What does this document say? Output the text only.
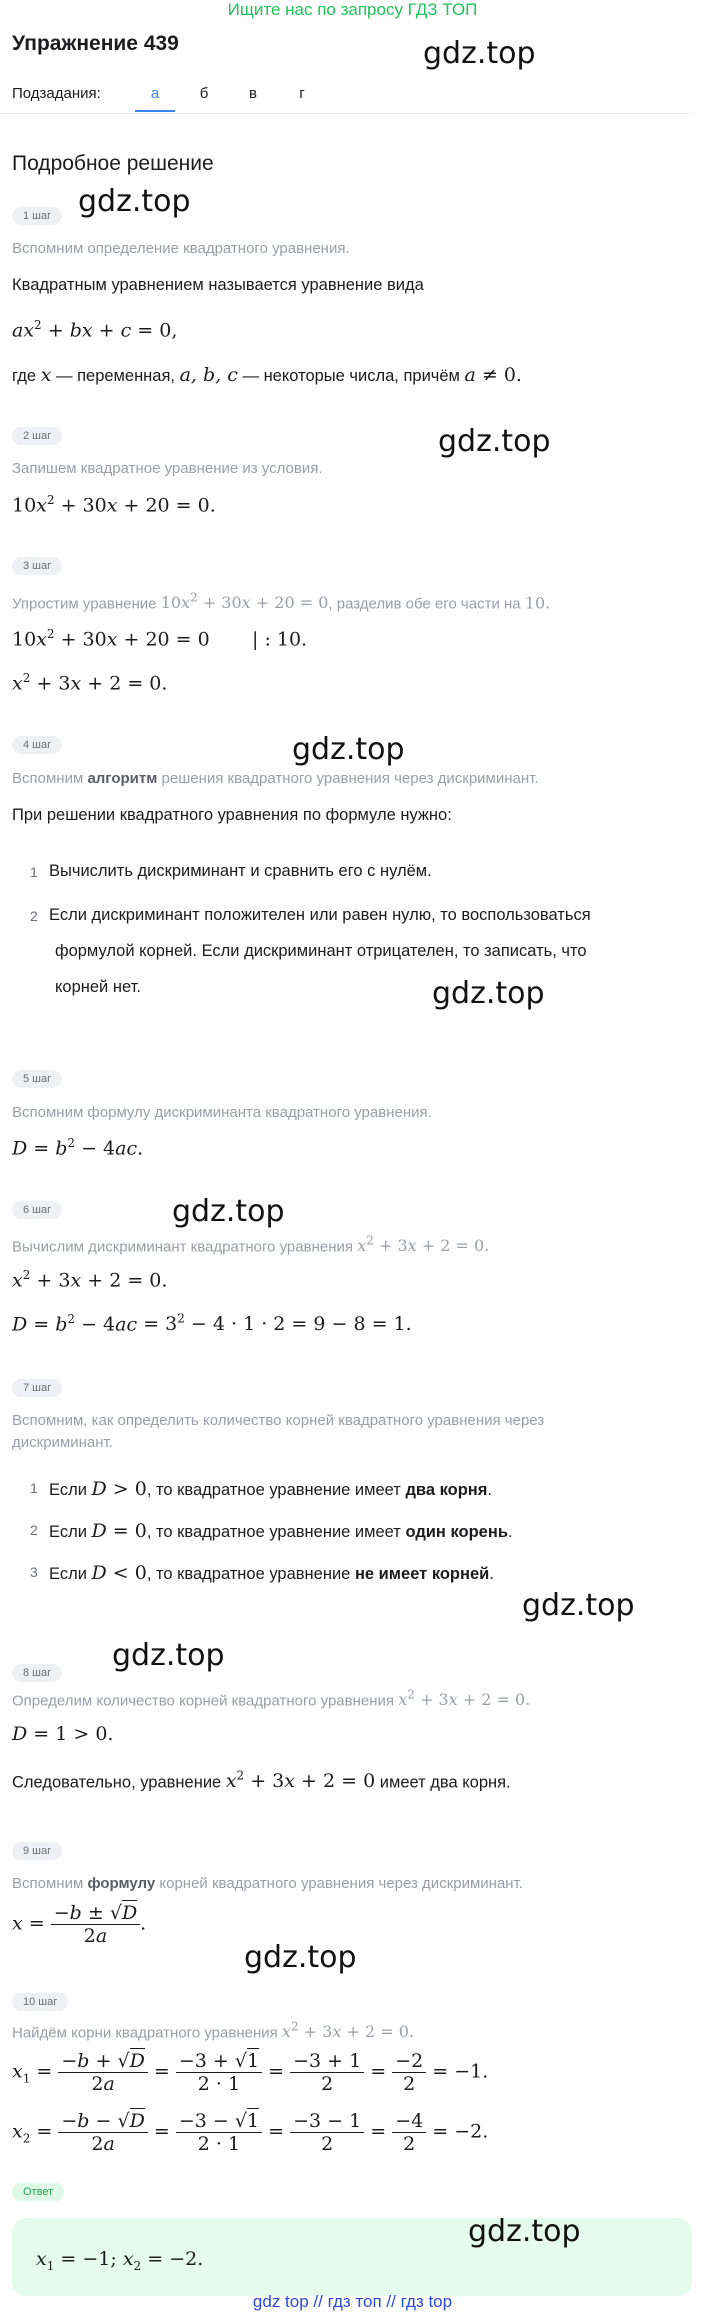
Ищите нас по запросу ГДЗ ТОП
Упражнение 439	gdz.top
Подзадания:	а	б	в	г
Подробное решение
1 шаг gdz.top
Вспомним определение квадратного уравнения.
Квадратным уравнением называется уравнение вида
$ax^2$ + bx + c = 0,
где x — переменная, a, b, c — некоторые числа, причём a ≠ 0.
2 шаг	gdz.top
Запишем квадратное уравнение из условия.
$10x^2 + 30x + 20 = 0$.
3 шаг
Упростим уравнение $10x^2 + 30x + 20 = 0$, разделив обе его части на 10.
$10x^2 + 30x + 20 = 0$       | : 10.
$x^2 + 3x + 2 = 0$.
4 шаг	gdz.top
Вспомним алгоритм решения квадратного уравнения через дискриминант.
При решении квадратного уравнения по формуле нужно:
1 Вычислить дискриминант и сравнить его с нулём.
2 Если дискриминант положителен или равен нулю, то воспользоваться
формулой корней. Если дискриминант отрицателен, то записать, что
корней нет.	gdz.top
5 шаг
Вспомним формулу дискриминанта квадратного уравнения.
$D = b^2 - 4ac$.
6 шаг	gdz.top
Вычислим дискриминант квадратного уравнения $x^2 + 3x + 2 = 0$.
$x^2 + 3x + 2 = 0$.
$D = b^2 - 4ac = 3^2 - 4 \cdot 1 \cdot 2 = 9 - 8 = 1$.
7 шаг
Вспомним, как определить количество корней квадратного уравнения через
дискриминант.
1 Если D > 0, то квадратное уравнение имеет два корня.
2 Если D = 0, то квадратное уравнение имеет один корень.
3 Если D < 0, то квадратное уравнение не имеет корней.
gdz.top
gdz.top
8 шаг
Определим количество корней квадратного уравнения $x^2 + 3x + 2 = 0$.
D = 1 > 0.
Следовательно, уравнение $x^2 + 3x + 2 = 0$ имеет два корня.
9 шаг
Вспомним формулу корней квадратного уравнения через дискриминант.
$x = \frac{-b \pm √D}{2a}$ .
gdz.top
10 шаг
Найдём корни квадратного уравнения $x^2 + 3x + 2 = 0$.
$x_1 = \frac{-b + √D}{2a} = \frac{-3 + √1}{2 \cdot 1} = \frac{-3 + 1}{2} = \frac{-2}{2} = -1$.
$x_2 = \frac{-b - √D}{2a} = \frac{-3 - √1}{2 \cdot 1} = \frac{-3 - 1}{2} = \frac{-4}{2} = -2$.
Ответ
$x_1 = -1$; $x_2 = -2$.
gdz.top
gdz top // гдз топ // гдз top
